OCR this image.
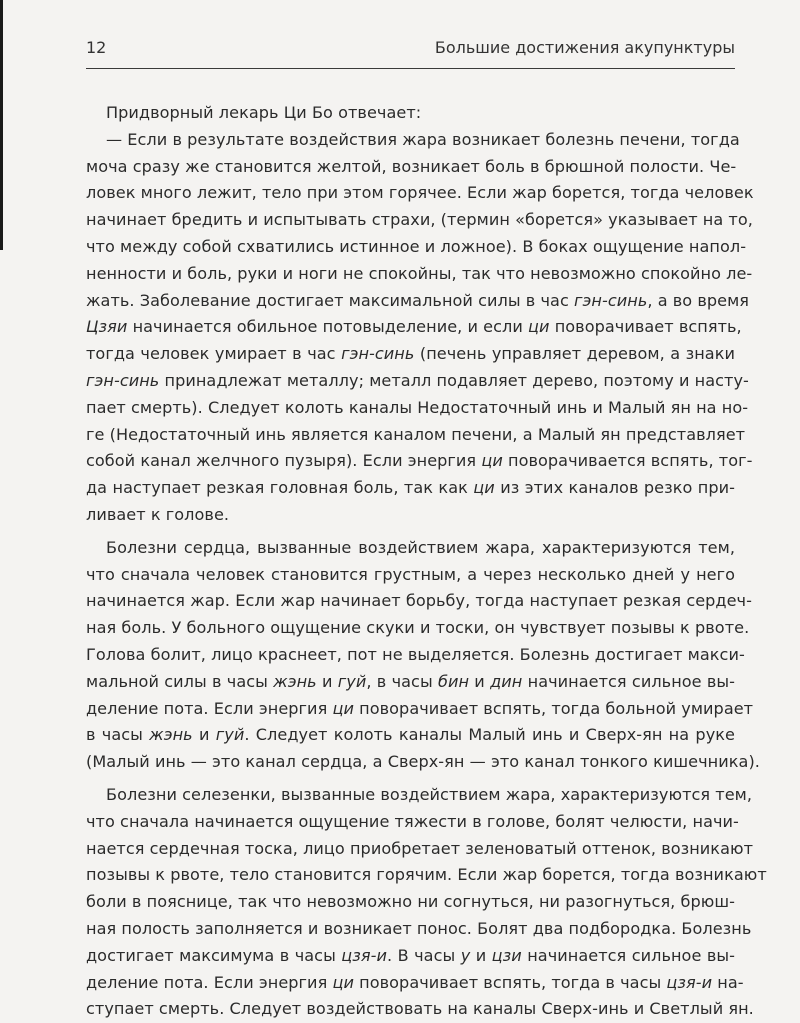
12	Большие достижения акупунктуры
Придворный лекарь Ци Бо отвечает:
— Если в результате воздействия жара возникает болезнь печени, тогда
моча сразу же становится желтой, возникает боль в брюшной полости. Че-
ловек много лежит, тело при этом горячее. Если жар борется, тогда человек
начинает бредить и испытывать страхи, (термин «борется» указывает на то,
что между собой схватились истинное и ложное). В боках ощущение напол-
ненности и боль, руки и ноги не спокойны, так что невозможно спокойно ле-
жать. Заболевание достигает максимальной силы в час гэн-синь, а во время
Цзяи начинается обильное потовыделение, и если ци поворачивает вспять,
тогда человек умирает в час гэн-синь (печень управляет деревом, а знаки
гэн-синь принадлежат металлу; металл подавляет дерево, поэтому и насту-
пает смерть). Следует колоть каналы Недостаточный инь и Малый ян на но-
ге (Недостаточный инь является каналом печени, а Малый ян представляет
собой канал желчного пузыря). Если энергия ци поворачивается вспять, тог-
да наступает резкая головная боль, так как ци из этих каналов резко при-
ливает к голове.
Болезни сердца, вызванные воздействием жара, характеризуются тем,
что сначала человек становится грустным, а через несколько дней у него
начинается жар. Если жар начинает борьбу, тогда наступает резкая сердеч-
ная боль. У больного ощущение скуки и тоски, он чувствует позывы к рвоте.
Голова болит, лицо краснеет, пот не выделяется. Болезнь достигает макси-
мальной силы в часы жэнь и гуй, в часы бин и дин начинается сильное вы-
деление пота. Если энергия ци поворачивает вспять, тогда больной умирает
в часы жэнь и гуй. Следует колоть каналы Малый инь и Сверх-ян на руке
(Малый инь — это канал сердца, а Сверх-ян — это канал тонкого кишечника).
Болезни селезенки, вызванные воздействием жара, характеризуются тем,
что сначала начинается ощущение тяжести в голове, болят челюсти, начи-
нается сердечная тоска, лицо приобретает зеленоватый оттенок, возникают
позывы к рвоте, тело становится горячим. Если жар борется, тогда возникают
боли в пояснице, так что невозможно ни согнуться, ни разогнуться, брюш-
ная полость заполняется и возникает понос. Болят два подбородка. Болезнь
достигает максимума в часы цзя-и. В часы у и цзи начинается сильное вы-
деление пота. Если энергия ци поворачивает вспять, тогда в часы цзя-и на-
ступает смерть. Следует воздействовать на каналы Сверх-инь и Светлый ян.
